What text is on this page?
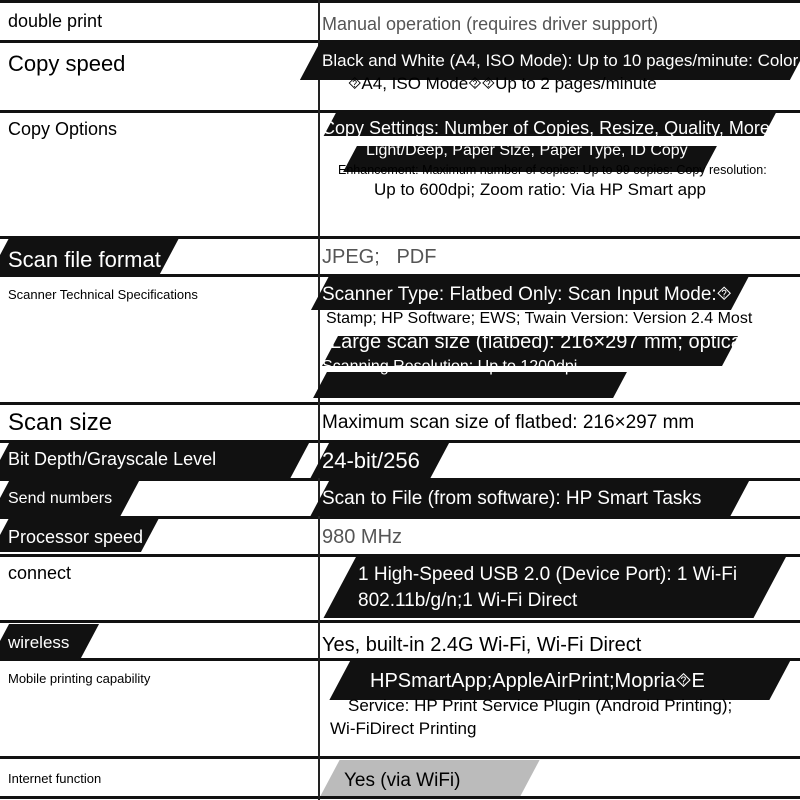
double print	Manual operation (requires driver support)
Copy speed	Black and White (A4, ISO Mode): Up to 10 pages/minute: Color
⯑A4, ISO Mode⯑⯑Up to 2 pages/minute
Copy Options	Copy Settings: Number of Copies, Resize, Quality, More
Light/Deep, Paper Size, Paper Type, ID Copy
Enhancement: Maximum number of copies: Up to 99 copies: Copy resolution:
Up to 600dpi; Zoom ratio: Via HP Smart app
Scan file format	JPEG;   PDF
Scanner Technical Specifications	Scanner Type: Flatbed Only: Scan Input Mode:⯑
Stamp; HP Software; EWS; Twain Version: Version 2.4 Most
Large scan size (flatbed): 216×297 mm; optical
Scanning Resolution: Up to 1200dpi
Scan size	Maximum scan size of flatbed: 216×297 mm
Bit Depth/Grayscale Level	24-bit/256
Send numbers	Scan to File (from software): HP Smart Tasks
Processor speed	980 MHz
connect	1 High-Speed USB 2.0 (Device Port): 1 Wi-Fi
802.11b/g/n;1 Wi-Fi Direct
wireless	Yes, built-in 2.4G Wi-Fi, Wi-Fi Direct
Mobile printing capability	HPSmartApp;AppleAirPrint;Mopria⯑E
Service: HP Print Service Plugin (Android Printing);
Wi-FiDirect Printing
Internet function	Yes (via WiFi)
